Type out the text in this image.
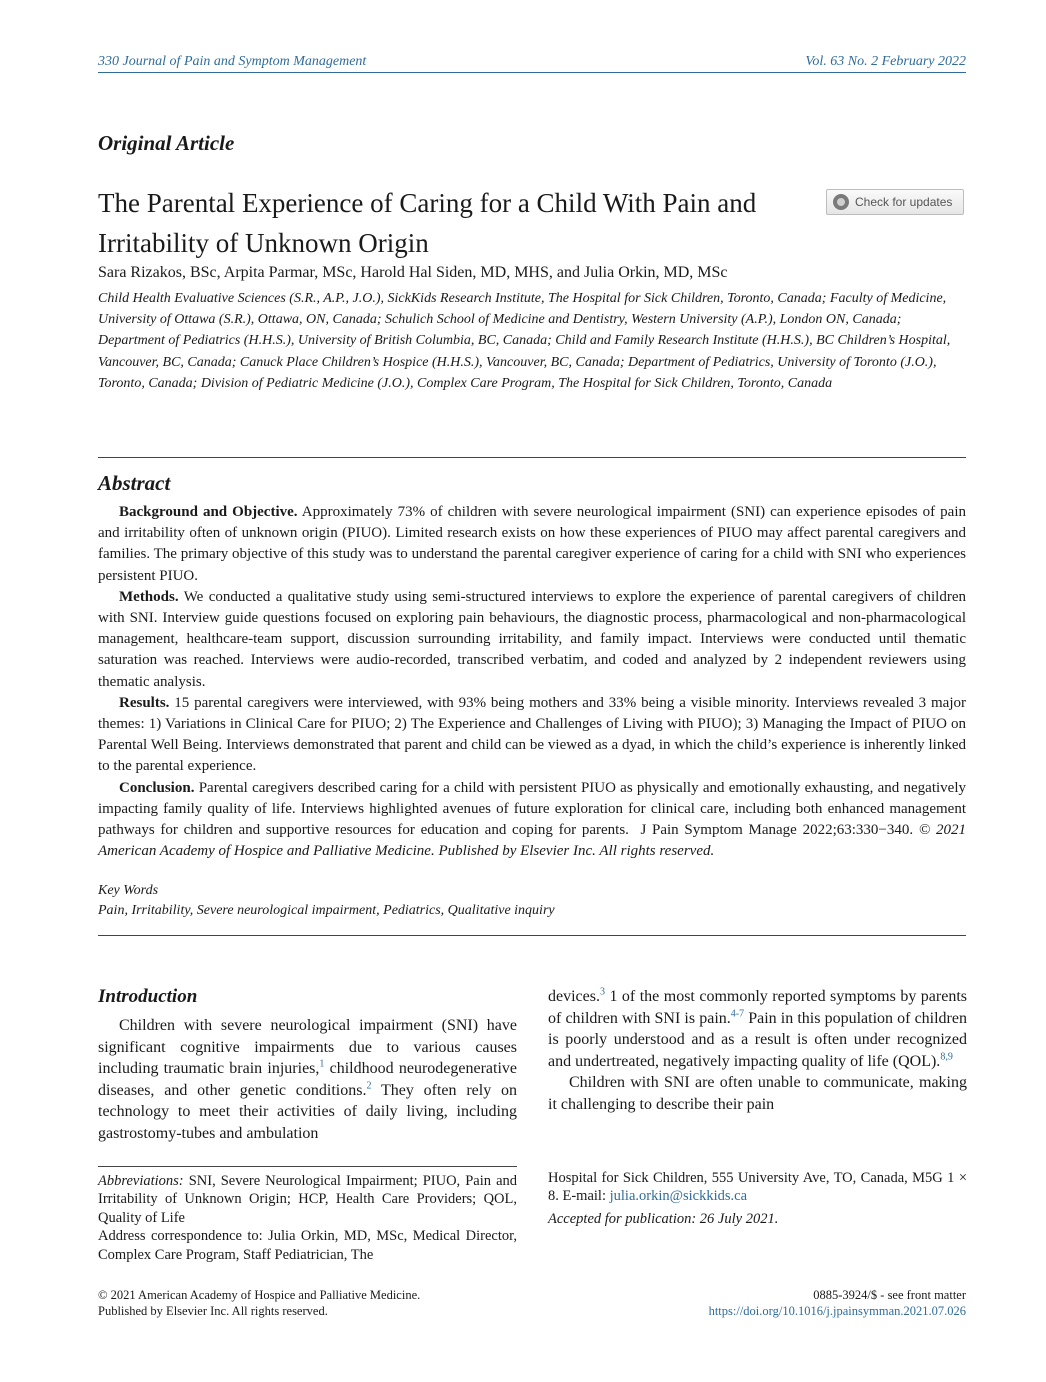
330 Journal of Pain and Symptom Management	Vol. 63 No. 2 February 2022
Original Article
The Parental Experience of Caring for a Child With Pain and Irritability of Unknown Origin
Check for updates
Sara Rizakos, BSc, Arpita Parmar, MSc, Harold Hal Siden, MD, MHS, and Julia Orkin, MD, MSc
Child Health Evaluative Sciences (S.R., A.P., J.O.), SickKids Research Institute, The Hospital for Sick Children, Toronto, Canada; Faculty of Medicine, University of Ottawa (S.R.), Ottawa, ON, Canada; Schulich School of Medicine and Dentistry, Western University (A.P.), London ON, Canada; Department of Pediatrics (H.H.S.), University of British Columbia, BC, Canada; Child and Family Research Institute (H.H.S.), BC Children’s Hospital, Vancouver, BC, Canada; Canuck Place Children’s Hospice (H.H.S.), Vancouver, BC, Canada; Department of Pediatrics, University of Toronto (J.O.), Toronto, Canada; Division of Pediatric Medicine (J.O.), Complex Care Program, The Hospital for Sick Children, Toronto, Canada
Abstract

Background and Objective. Approximately 73% of children with severe neurological impairment (SNI) can experience episodes of pain and irritability often of unknown origin (PIUO). Limited research exists on how these experiences of PIUO may affect parental caregivers and families. The primary objective of this study was to understand the parental caregiver experience of caring for a child with SNI who experiences persistent PIUO.

Methods. We conducted a qualitative study using semi-structured interviews to explore the experience of parental caregivers of children with SNI. Interview guide questions focused on exploring pain behaviours, the diagnostic process, pharmacological and non-pharmacological management, healthcare-team support, discussion surrounding irritability, and family impact. Interviews were conducted until thematic saturation was reached. Interviews were audio-recorded, transcribed verbatim, and coded and analyzed by 2 independent reviewers using thematic analysis.

Results. 15 parental caregivers were interviewed, with 93% being mothers and 33% being a visible minority. Interviews revealed 3 major themes: 1) Variations in Clinical Care for PIUO; 2) The Experience and Challenges of Living with PIUO); 3) Managing the Impact of PIUO on Parental Well Being. Interviews demonstrated that parent and child can be viewed as a dyad, in which the child’s experience is inherently linked to the parental experience.

Conclusion. Parental caregivers described caring for a child with persistent PIUO as physically and emotionally exhausting, and negatively impacting family quality of life. Interviews highlighted avenues of future exploration for clinical care, including both enhanced management pathways for children and supportive resources for education and coping for parents. J Pain Symptom Manage 2022;63:330−340. © 2021 American Academy of Hospice and Palliative Medicine. Published by Elsevier Inc. All rights reserved.

Key Words
Pain, Irritability, Severe neurological impairment, Pediatrics, Qualitative inquiry
Introduction

Children with severe neurological impairment (SNI) have significant cognitive impairments due to various causes including traumatic brain injuries,$^1$ childhood neurodegenerative diseases, and other genetic conditions.$^2$ They often rely on technology to meet their activities of daily living, including gastrostomy-tubes and ambulation

devices.$^3$ 1 of the most commonly reported symptoms by parents of children with SNI is pain.$^{4-7}$ Pain in this population of children is poorly understood and as a result is often under recognized and undertreated, negatively impacting quality of life (QOL).$^{8,9}$

Children with SNI are often unable to communicate, making it challenging to describe their pain

Abbreviations: SNI, Severe Neurological Impairment; PIUO, Pain and Irritability of Unknown Origin; HCP, Health Care Providers; QOL, Quality of Life

Address correspondence to: Julia Orkin, MD, MSc, Medical Director, Complex Care Program, Staff Pediatrician, The

Hospital for Sick Children, 555 University Ave, TO, Canada, M5G 1 × 8. E-mail: julia.orkin@sickkids.ca

Accepted for publication: 26 July 2021.

© 2021 American Academy of Hospice and Palliative Medicine.
Published by Elsevier Inc. All rights reserved.
0885-3924/$ - see front matter
https://doi.org/10.1016/j.jpainsymman.2021.07.026
